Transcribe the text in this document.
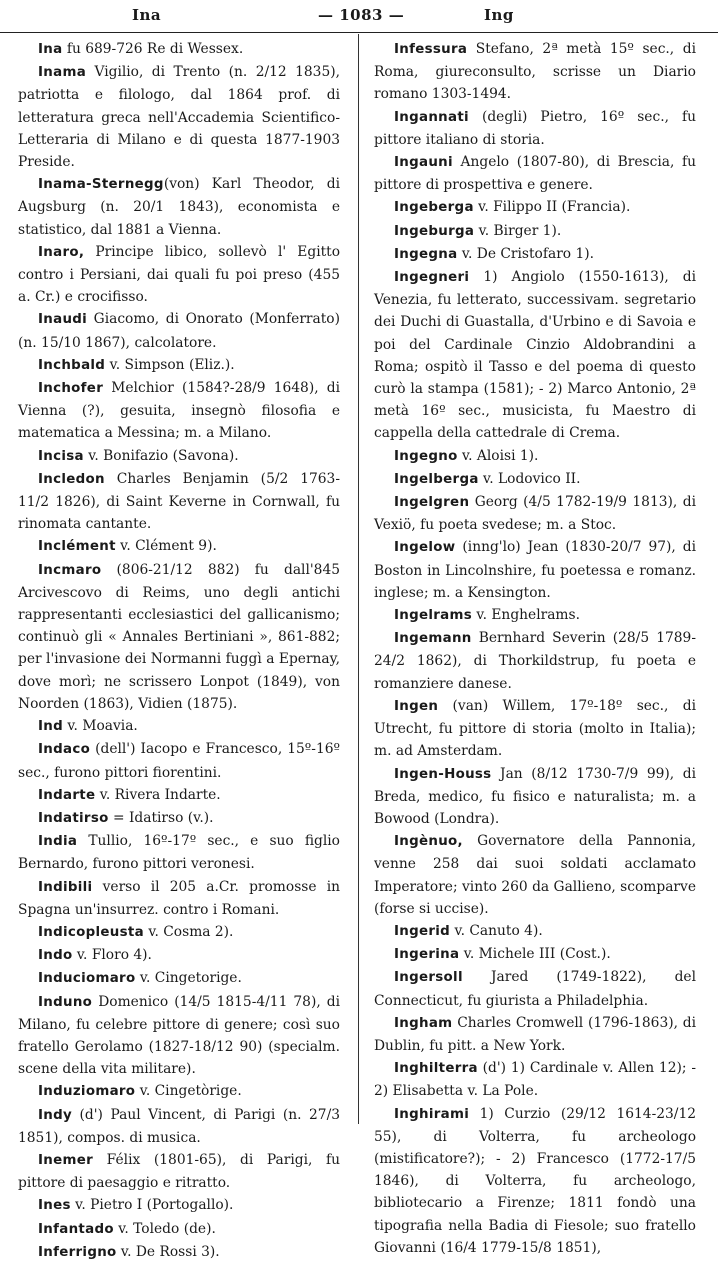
Ina	— 1083 —	Ing

Ina fu 689-726 Re di Wessex.

Inama Vigilio, di Trento (n. 2/12 1835), patriotta e filologo, dal 1864 prof. di letteratura greca nell'Accademia Scientifico-Letteraria di Milano e di questa 1877-1903 Preside.

Inama-Sternegg(von) Karl Theodor, di Augsburg (n. 20/1 1843), economista e statistico, dal 1881 a Vienna.

Inaro, Principe libico, sollevò l' Egitto contro i Persiani, dai quali fu poi preso (455 a. Cr.) e crocifisso.

Inaudi Giacomo, di Onorato (Monferrato) (n. 15/10 1867), calcolatore.

Inchbald v. Simpson (Eliz.).

Inchofer Melchior (1584?-28/9 1648), di Vienna (?), gesuita, insegnò filosofia e matematica a Messina; m. a Milano.

Incisa v. Bonifazio (Savona).

Incledon Charles Benjamin (5/2 1763-11/2 1826), di Saint Keverne in Cornwall, fu rinomata cantante.

Inclément v. Clément 9).

Incmaro (806-21/12 882) fu dall'845 Arcivescovo di Reims, uno degli antichi rappresentanti ecclesiastici del gallicanismo; continuò gli « Annales Bertiniani », 861-882; per l'invasione dei Normanni fuggì a Epernay, dove morì; ne scrissero Lonpot (1849), von Noorden (1863), Vidien (1875).

Ind v. Moavia.

Indaco (dell') Iacopo e Francesco, 15º-16º sec., furono pittori fiorentini.

Indarte v. Rivera Indarte.

Indatirso = Idatirso (v.).

India Tullio, 16º-17º sec., e suo figlio Bernardo, furono pittori veronesi.

Indibili verso il 205 a.Cr. promosse in Spagna un'insurrez. contro i Romani.

Indicopleusta v. Cosma 2).

Indo v. Floro 4).

Induciomaro v. Cingetorige.

Induno Domenico (14/5 1815-4/11 78), di Milano, fu celebre pittore di genere; così suo fratello Gerolamo (1827-18/12 90) (specialm. scene della vita militare).

Induziomaro v. Cingetòrige.

Indy (d') Paul Vincent, di Parigi (n. 27/3 1851), compos. di musica.

Inemer Félix (1801-65), di Parigi, fu pittore di paesaggio e ritratto.

Ines v. Pietro I (Portogallo).

Infantado v. Toledo (de).

Inferrigno v. De Rossi 3).

Infessura Stefano, 2ª metà 15º sec., di Roma, giureconsulto, scrisse un Diario romano 1303-1494.

Ingannati (degli) Pietro, 16º sec., fu pittore italiano di storia.

Ingauni Angelo (1807-80), di Brescia, fu pittore di prospettiva e genere.

Ingeberga v. Filippo II (Francia).

Ingeburga v. Birger 1).

Ingegna v. De Cristofaro 1).

Ingegneri 1) Angiolo (1550-1613), di Venezia, fu letterato, successivam. segretario dei Duchi di Guastalla, d'Urbino e di Savoia e poi del Cardinale Cinzio Aldobrandini a Roma; ospitò il Tasso e del poema di questo curò la stampa (1581); - 2) Marco Antonio, 2ª metà 16º sec., musicista, fu Maestro di cappella della cattedrale di Crema.

Ingegno v. Aloisi 1).

Ingelberga v. Lodovico II.

Ingelgren Georg (4/5 1782-19/9 1813), di Vexiö, fu poeta svedese; m. a Stoc.

Ingelow (inng'lo) Jean (1830-20/7 97), di Boston in Lincolnshire, fu poetessa e romanz. inglese; m. a Kensington.

Ingelrams v. Enghelrams.

Ingemann Bernhard Severin (28/5 1789-24/2 1862), di Thorkildstrup, fu poeta e romanziere danese.

Ingen (van) Willem, 17º-18º sec., di Utrecht, fu pittore di storia (molto in Italia); m. ad Amsterdam.

Ingen-Houss Jan (8/12 1730-7/9 99), di Breda, medico, fu fisico e naturalista; m. a Bowood (Londra).

Ingènuo, Governatore della Pannonia, venne 258 dai suoi soldati acclamato Imperatore; vinto 260 da Gallieno, scomparve (forse si uccise).

Ingerid v. Canuto 4).

Ingerina v. Michele III (Cost.).

Ingersoll Jared (1749-1822), del Connecticut, fu giurista a Philadelphia.

Ingham Charles Cromwell (1796-1863), di Dublin, fu pitt. a New York.

Inghilterra (d') 1) Cardinale v. Allen 12); - 2) Elisabetta v. La Pole.

Inghirami 1) Curzio (29/12 1614-23/12 55), di Volterra, fu archeologo (mistificatore?); - 2) Francesco (1772-17/5 1846), di Volterra, fu archeologo, bibliotecario a Firenze; 1811 fondò una tipografia nella Badia di Fiesole; suo fratello Giovanni (16/4 1779-15/8 1851),
